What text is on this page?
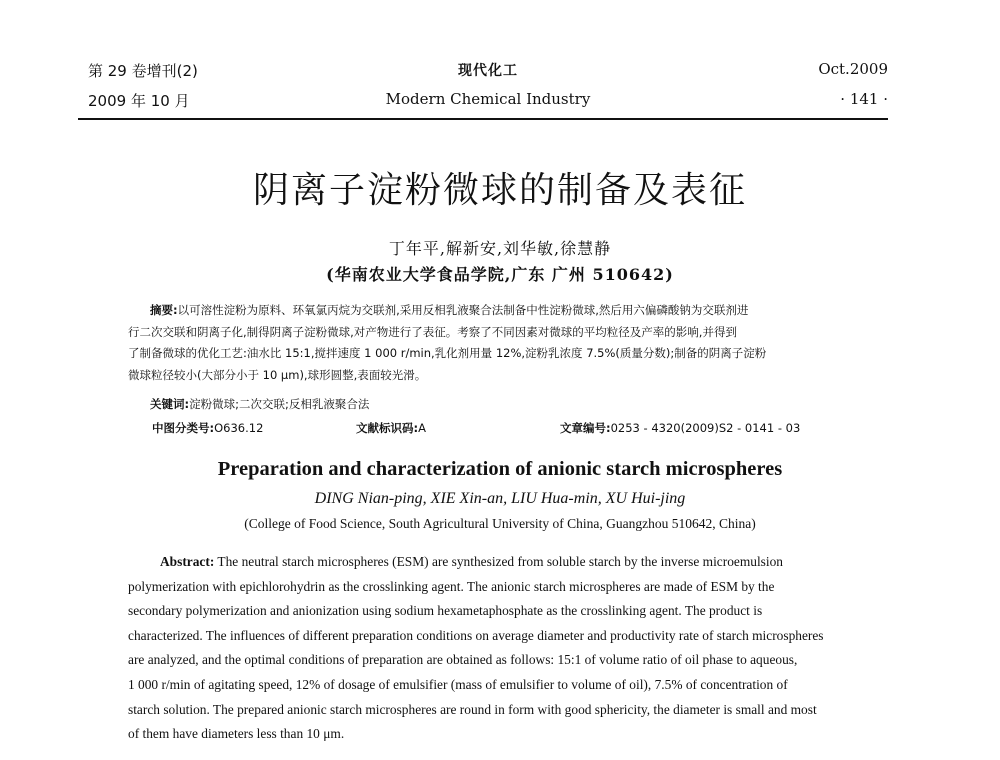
第 29 卷增刊(2)
2009 年 10 月
现代化工
Modern Chemical Industry
Oct.2009
· 141 ·
阴离子淀粉微球的制备及表征
丁年平,解新安,刘华敏,徐慧静
(华南农业大学食品学院,广东 广州 510642)
摘要:以可溶性淀粉为原料、环氧氯丙烷为交联剂,采用反相乳液聚合法制备中性淀粉微球,然后用六偏磷酸钠为交联剂进
行二次交联和阴离子化,制得阴离子淀粉微球,对产物进行了表征。考察了不同因素对微球的平均粒径及产率的影响,并得到
了制备微球的优化工艺:油水比 15:1,搅拌速度 1 000 r/min,乳化剂用量 12%,淀粉乳浓度 7.5%(质量分数);制备的阴离子淀粉
微球粒径较小(大部分小于 10 μm),球形圆整,表面较光滑。
关键词:淀粉微球;二次交联;反相乳液聚合法
中图分类号:O636.12	文献标识码:A	文章编号:0253 - 4320(2009)S2 - 0141 - 03
Preparation and characterization of anionic starch microspheres
DING Nian-ping, XIE Xin-an, LIU Hua-min, XU Hui-jing
(College of Food Science, South Agricultural University of China, Guangzhou 510642, China)
Abstract: The neutral starch microspheres (ESM) are synthesized from soluble starch by the inverse microemulsion
polymerization with epichlorohydrin as the crosslinking agent. The anionic starch microspheres are made of ESM by the
secondary polymerization and anionization using sodium hexametaphosphate as the crosslinking agent. The product is
characterized. The influences of different preparation conditions on average diameter and productivity rate of starch microspheres
are analyzed, and the optimal conditions of preparation are obtained as follows: 15:1 of volume ratio of oil phase to aqueous,
1 000 r/min of agitating speed, 12% of dosage of emulsifier (mass of emulsifier to volume of oil), 7.5% of concentration of
starch solution. The prepared anionic starch microspheres are round in form with good sphericity, the diameter is small and most
of them have diameters less than 10 μm.
